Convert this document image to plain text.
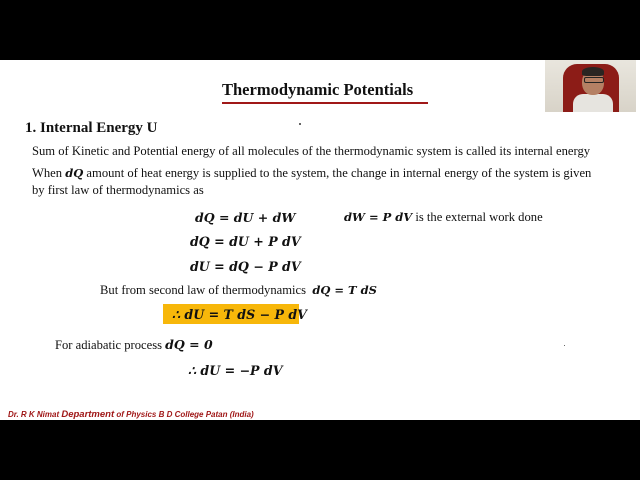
Thermodynamic Potentials
1. Internal Energy U
Sum of Kinetic and Potential energy of all molecules of the thermodynamic system is called its internal energy
When dQ amount of heat energy is supplied to the system, the change in internal energy of the system is given
by first law of thermodynamics as
dQ = dU + dW	dW = P dV is the external work done
dQ = dU + P dV
dU = dQ − P dV
But from second law of thermodynamics dQ = T dS
∴ dU = T dS − P dV
For adiabatic process dQ = 0
∴ dU = −P dV
Dr. R K Nimat Department of Physics B D College Patan (India)
